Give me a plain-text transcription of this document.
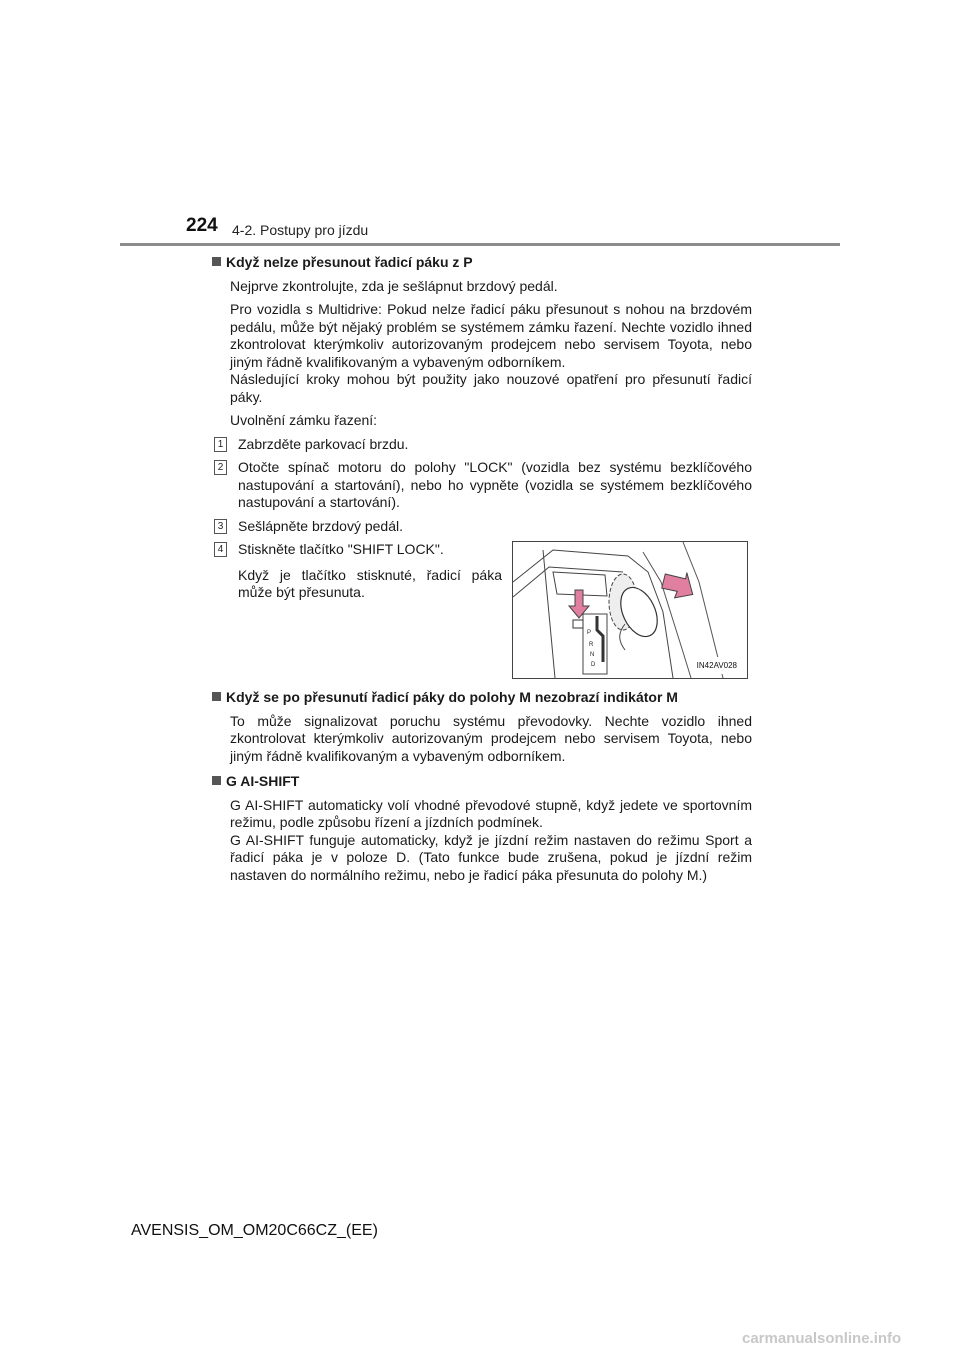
224 4-2. Postupy pro jízdu

Když nelze přesunout řadicí páku z P

Nejprve zkontrolujte, zda je sešlápnut brzdový pedál.

Pro vozidla s Multidrive: Pokud nelze řadicí páku přesunout s nohou na brzdovém pedálu, může být nějaký problém se systémem zámku řazení. Nechte vozidlo ihned zkontrolovat kterýmkoliv autorizovaným prodejcem nebo servisem Toyota, nebo jiným řádně kvalifikovaným a vybaveným odborníkem.

Následující kroky mohou být použity jako nouzové opatření pro přesunutí řadicí páky.

Uvolnění zámku řazení:

1 Zabrzděte parkovací brzdu.
2 Otočte spínač motoru do polohy "LOCK" (vozidla bez systému bezklíčového nastupování a startování), nebo ho vypněte (vozidla se systémem bezklíčového nastupování a startování).
3 Sešlápněte brzdový pedál.
4 Stiskněte tlačítko "SHIFT LOCK".

Když je tlačítko stisknuté, řadicí páka může být přesunuta.

P
R
N
D	IN42AV028

Když se po přesunutí řadicí páky do polohy M nezobrazí indikátor M

To může signalizovat poruchu systému převodovky. Nechte vozidlo ihned zkontrolovat kterýmkoliv autorizovaným prodejcem nebo servisem Toyota, nebo jiným řádně kvalifikovaným a vybaveným odborníkem.

G AI-SHIFT

G AI-SHIFT automaticky volí vhodné převodové stupně, když jedete ve sportovním režimu, podle způsobu řízení a jízdních podmínek.

G AI-SHIFT funguje automaticky, když je jízdní režim nastaven do režimu Sport a řadicí páka je v poloze D. (Tato funkce bude zrušena, pokud je jízdní režim nastaven do normálního režimu, nebo je řadicí páka přesunuta do polohy M.)

AVENSIS_OM_OM20C66CZ_(EE)
carmanualsonline.info
